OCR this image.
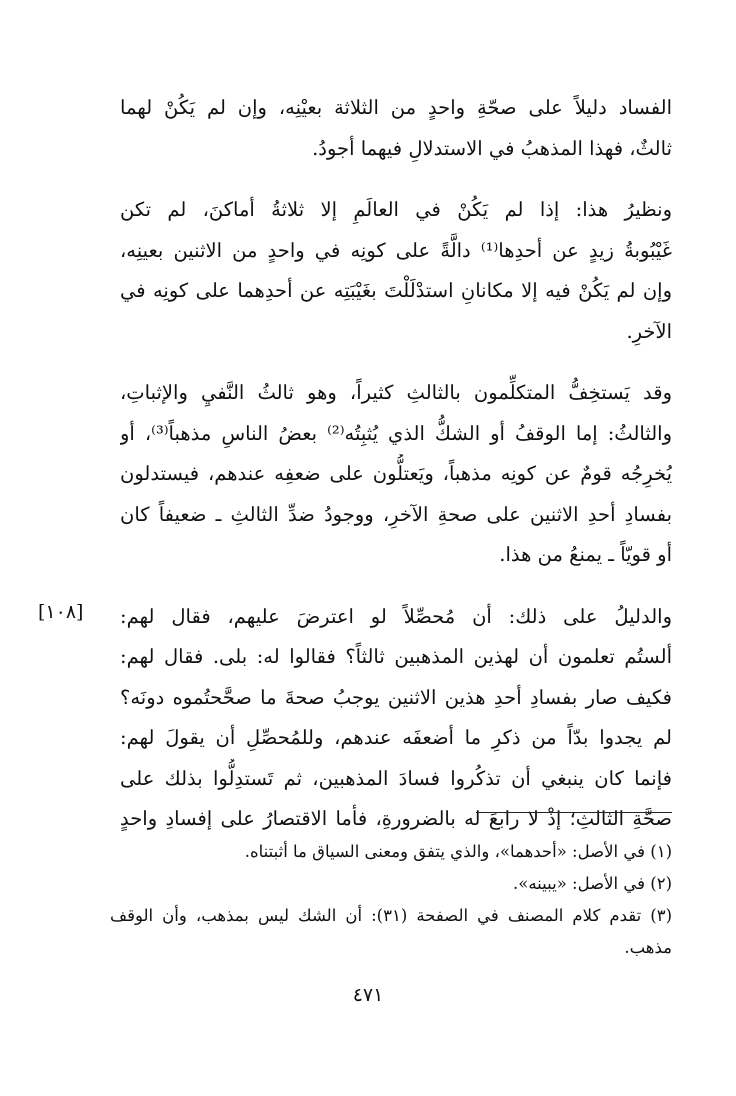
الفساد دليلاً على صحّةِ واحدٍ من الثلاثة بعيْنِه، وإن لم يَكُنْ لهما
ثالثٌ، فهذا المذهبُ في الاستدلالِ فيهما أجودُ.
ونظيرُ هذا: إذا لم يَكُنْ في العالَمِ إلا ثلاثةُ أماكنَ، لم تكن
غَيْبُوبةُ زيدٍ عن أحدِها⁽¹⁾ دالَّةً على كونِه في واحدٍ من الاثنين بعينِه،
وإن لم يَكُنْ فيه إلا مكانانِ استدْلَلْتَ بغَيْبَتِه عن أحدِهما على كونِه في
الآخرِ.
وقد يَستخِفُّ المتكلِّمون بالثالثِ كثيراً، وهو ثالثُ النَّفيِ والإثباتِ،
والثالثُ: إما الوقفُ أو الشكُّ الذي يُثبِتُه⁽²⁾ بعضُ الناسِ مذهباً⁽³⁾، أو
يُخرِجُه قومٌ عن كونِه مذهباً، ويَعتلُّون على ضعفِه عندهم، فيستدلون
بفسادِ أحدِ الاثنين على صحةِ الآخرِ، ووجودُ ضدِّ الثالثِ ـ ضعيفاً كان
أو قويّاً ـ يمنعُ من هذا.
والدليلُ على ذلك: أن مُحصِّلاً لو اعترضَ عليهم، فقال لهم:
ألستُم تعلمون أن لهذين المذهبين ثالثاً؟ فقالوا له: بلى. فقال لهم:
فكيف صار بفسادِ أحدِ هذين الاثنين يوجبُ صحةَ ما صحَّحتُموه دونَه؟
لم يجدوا بدّاً من ذكرِ ما أضعفَه عندهم، وللمُحصِّلِ أن يقولَ لهم:
فإنما كان ينبغي أن تذكُروا فسادَ المذهبين، ثم تَستدِلُّوا بذلك على
صحَّةِ الثالثِ؛ إذْ لا رابعَ له بالضرورةِ، فأما الاقتصارُ على إفسادِ واحدٍ
[١٠٨]
(١) في الأصل: «أحدهما»، والذي يتفق ومعنى السياق ما أثبتناه.
(٢) في الأصل: «يبينه».
(٣) تقدم كلام المصنف في الصفحة (٣١): أن الشك ليس بمذهب، وأن الوقف
مذهب.
٤٧١
